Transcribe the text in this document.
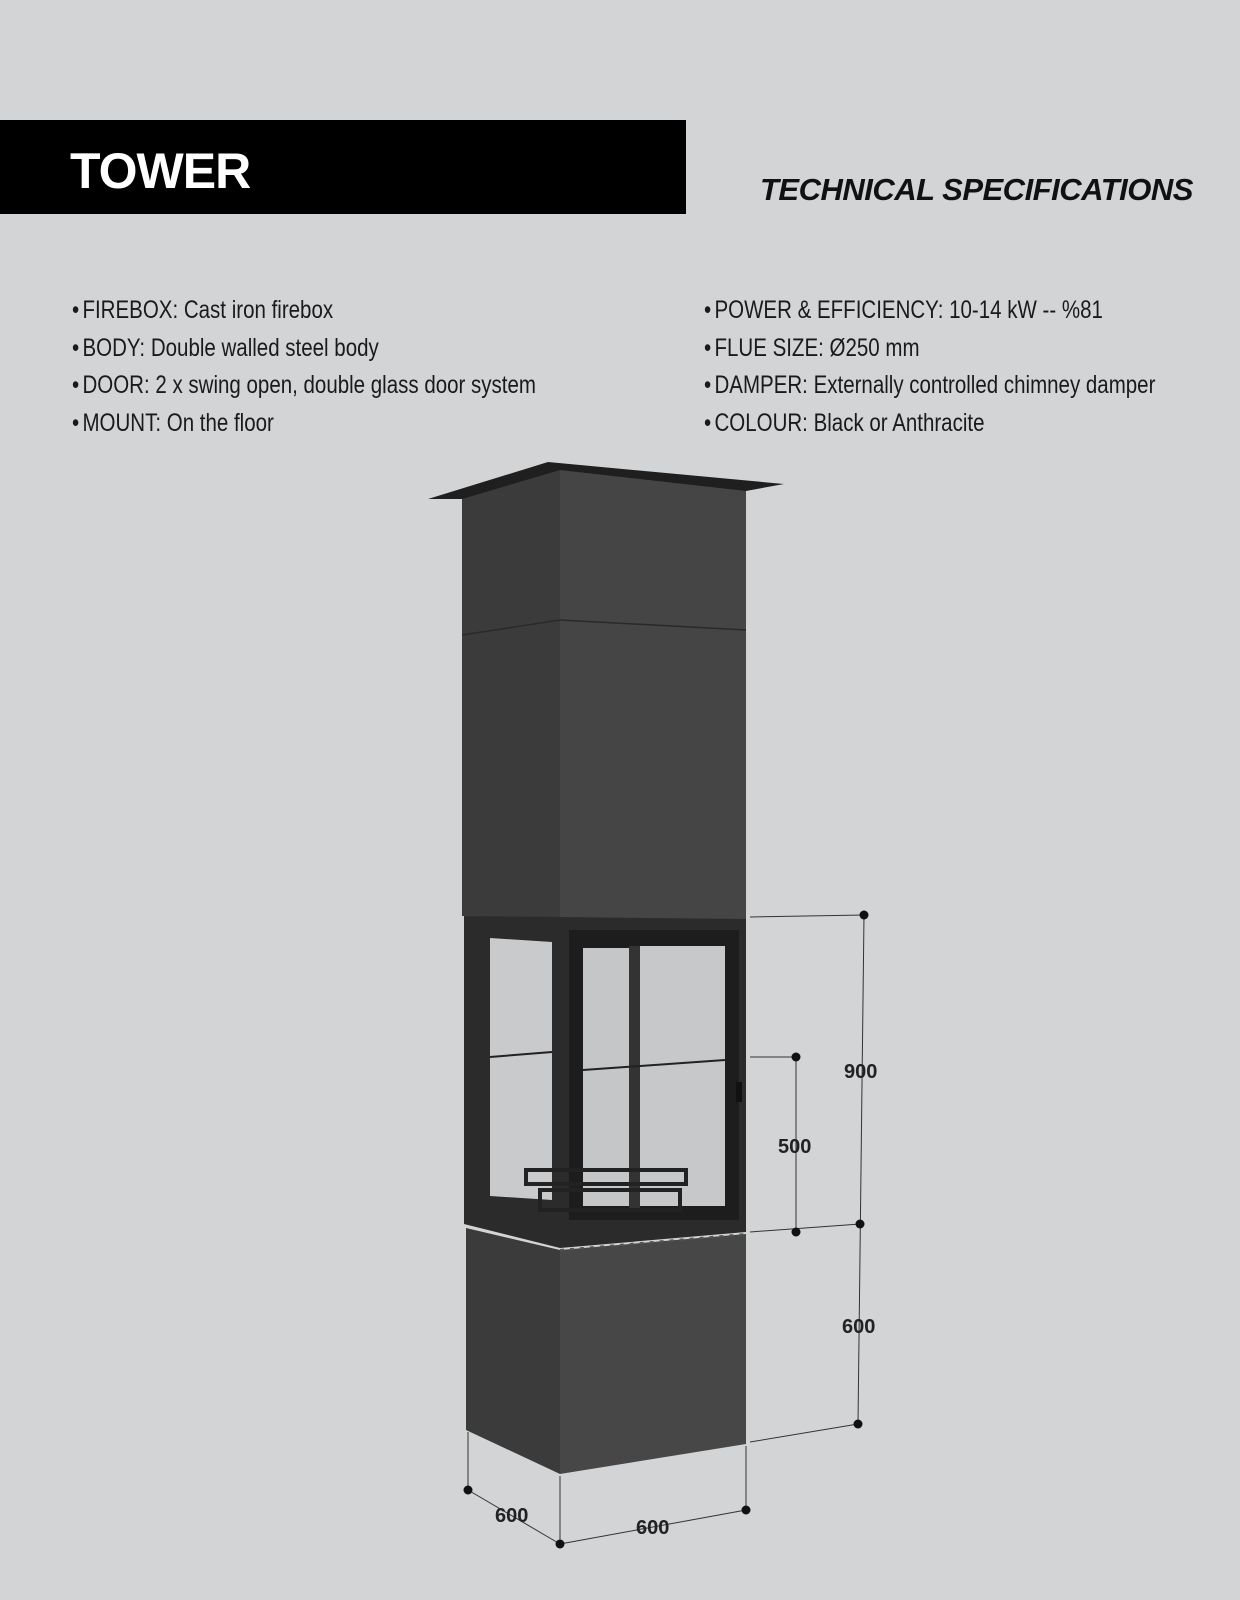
TOWER	TECHNICAL SPECIFICATIONS
• FIREBOX: Cast iron firebox
• BODY: Double walled steel body
• DOOR: 2 x swing open, double glass door system
• MOUNT: On the floor
• POWER & EFFICIENCY: 10-14 kW -- %81
• FLUE SIZE: Ø250 mm
• DAMPER: Externally controlled chimney damper
• COLOUR: Black or Anthracite
900
500
600
600
600
